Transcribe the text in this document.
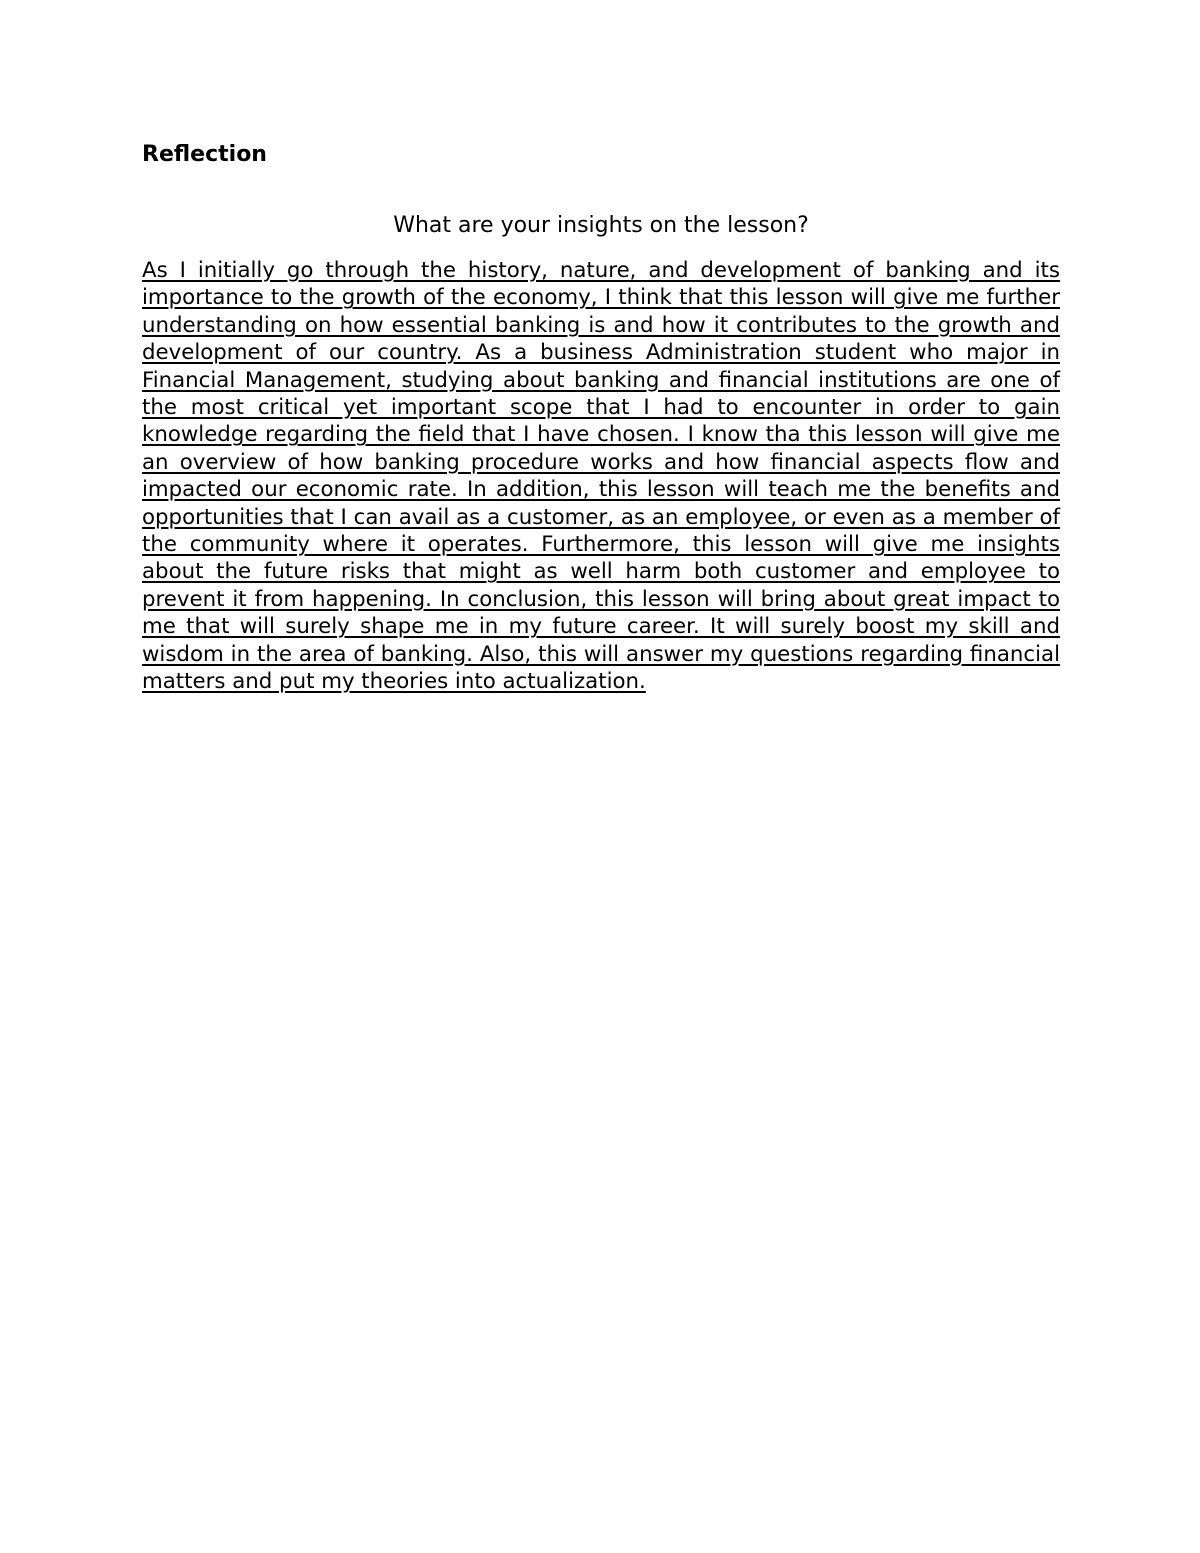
Reflection

What are your insights on the lesson?

As I initially go through the history, nature, and development of banking and its importance to the growth of the economy, I think that this lesson will give me further understanding on how essential banking is and how it contributes to the growth and development of our country. As a business Administration student who major in Financial Management, studying about banking and financial institutions are one of the most critical yet important scope that I had to encounter in order to gain knowledge regarding the field that I have chosen. I know tha this lesson will give me an overview of how banking procedure works and how financial aspects flow and impacted our economic rate. In addition, this lesson will teach me the benefits and opportunities that I can avail as a customer, as an employee, or even as a member of the community where it operates. Furthermore, this lesson will give me insights about the future risks that might as well harm both customer and employee to prevent it from happening. In conclusion, this lesson will bring about great impact to me that will surely shape me in my future career. It will surely boost my skill and wisdom in the area of banking. Also, this will answer my questions regarding financial matters and put my theories into actualization.
